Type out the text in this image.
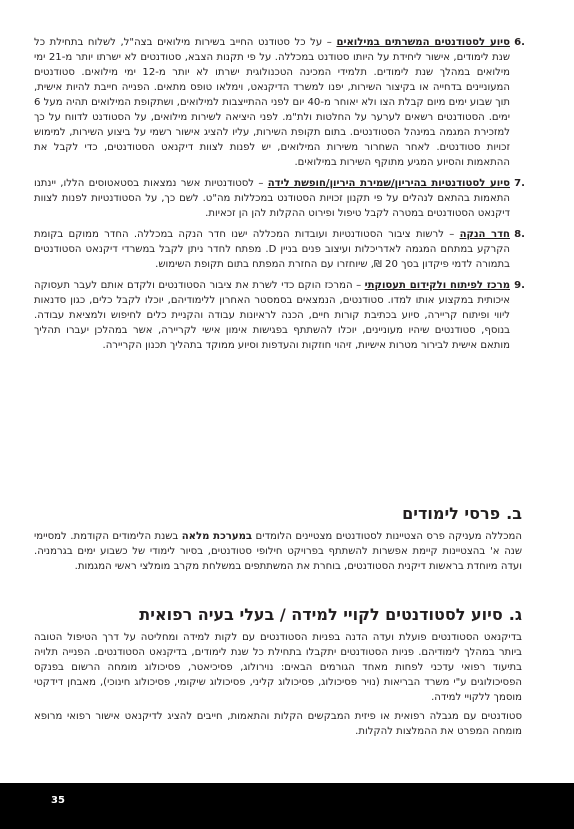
6.
סיוע לסטודנטים המשרתים במילואים – על כל סטודנט החייב בשירות מילואים בצה"ל, לשלוח בתחילת כל שנת לימודים, אישור ליחידת על היותו סטודנט במכללה. על פי תקנות הצבא, סטודנטים לא ישרתו יותר מ-21 ימי מילואים במהלך שנת לימודים. תלמידי המכינה הטכנולוגית ישרתו לא יותר מ-12 ימי מילואים. סטודנטים המעוניינים בדחייה או בקיצור השירות, יפנו למשרד הדיקנאט, וימלאו טופס מתאים. הפנייה חייבת להיות אישית, תוך שבוע ימים מיום קבלת הצו ולא יאוחר מ-40 יום לפני ההתייצבות למילואים, ושתקופת המילואים תהיה מעל 6 ימים. הסטודנטים רשאים לערער על החלטות ולת"מ. לפני היציאה לשירות מילואים, על הסטודנט לדווח על כך למזכירת המגמה במינהל הסטודנטים. בתום תקופת השירות, עליו להציג אישור רשמי על ביצוע השירות, למימוש זכויות סטודנטים. לאחר השחרור משירות המילואים, יש לפנות לצוות דיקנאט הסטודנטים, כדי לקבל את ההתאמות והסיוע המגיע מתוקף השירות במילואים.
7.
סיוע לסטודנטיות בהיריון/שמירת היריון/חופשת לידה – לסטודנטיות אשר נמצאות בסטאטוסים הללו, יינתנו התאמות בהתאם לנהלים על פי תקנון זכויות הסטודנט במכללות מה"ט. לשם כך, על הסטודנטיות לפנות לצוות דיקנאט הסטודנטים במטרה לקבל טיפול ופירוט ההקלות להן הן זכאיות.
8.
חדר הנקה – לרשות ציבור הסטודנטיות ועובדות המכללה ישנו חדר הנקה במכללה. החדר ממוקם בקומת הקרקע במתחם המגמה לאדריכלות ועיצוב פנים בניין D. מפתח לחדר ניתן לקבל במשרדי דיקנאט הסטודנטים בתמורה לדמי פיקדון בסך 20 ₪, שיוחזרו עם החזרת המפתח בתום תקופת השימוש.
9.
מרכז לפיתוח ולקידום תעסוקתי – המרכז הוקם כדי לשרת את ציבור הסטודנטים ולקדם אותם לעבר תעסוקה איכותית במקצוע אותו למדו. סטודנטים, הנמצאים בסמסטר האחרון ללימודיהם, יוכלו לקבל כלים, כגון סדנאות ליווי ופיתוח קריירה, סיוע בכתיבת קורות חיים, הכנה לראיונות עבודה והקניית כלים לחיפוש ולמציאת עבודה. בנוסף, סטודנטים שיהיו מעוניינים, יוכלו להשתתף בפגישות אימון אישי לקריירה, אשר במהלכן יעברו תהליך מותאם אישית לבירור מטרות אישיות, זיהוי חוזקות והעדפות וסיוע ממוקד בתהליך תכנון הקריירה.
ב.פרסי לימודים
המכללה מעניקה פרס הצטיינות לסטודנטים מצטיינים הלומדים במערכת מלאה בשנת הלימודים הקודמת. למסיימי שנה א' בהצטיינות קיימת אפשרות להשתתף בפרויקט חילופי סטודנטים, בסיור לימודי של כשבוע ימים בגרמניה. ועדה מיוחדת בראשות דיקנית הסטודנטים, בוחרת את המשתתפים במשלחת מקרב מומלצי ראשי המגמות.
ג.סיוע לסטודנטים לקויי למידה / בעלי בעיה רפואית
בדיקנאט הסטודנטים פועלת ועדה הדנה בפניות הסטודנטים עם לקות למידה ומחליטה על דרך הטיפול הטובה ביותר במהלך לימודיהם. פניות הסטודנטים יתקבלו בתחילת כל שנת לימודים, בדיקנאט הסטודנטים. הפנייה תלויה בתיעוד רפואי עדכני לפחות מאחד הגורמים הבאים: נוירולוג, פסיכיאטר, פסיכולוג מומחה הרשום בפנקס הפסיכולוגים ע"י משרד הבריאות (נויר פסיכולוג, פסיכולוג קליני, פסיכולוג שיקומי, פסיכולוג חינוכי), מאבחן דידקטי מוסמך ללקויי למידה.
סטודנטים עם מגבלה רפואית או פיזית המבקשים הקלות והתאמות, חייבים להציג לדיקנאט אישור רפואי מרופא מומחה המפרט את ההמלצות להקלות.
35
